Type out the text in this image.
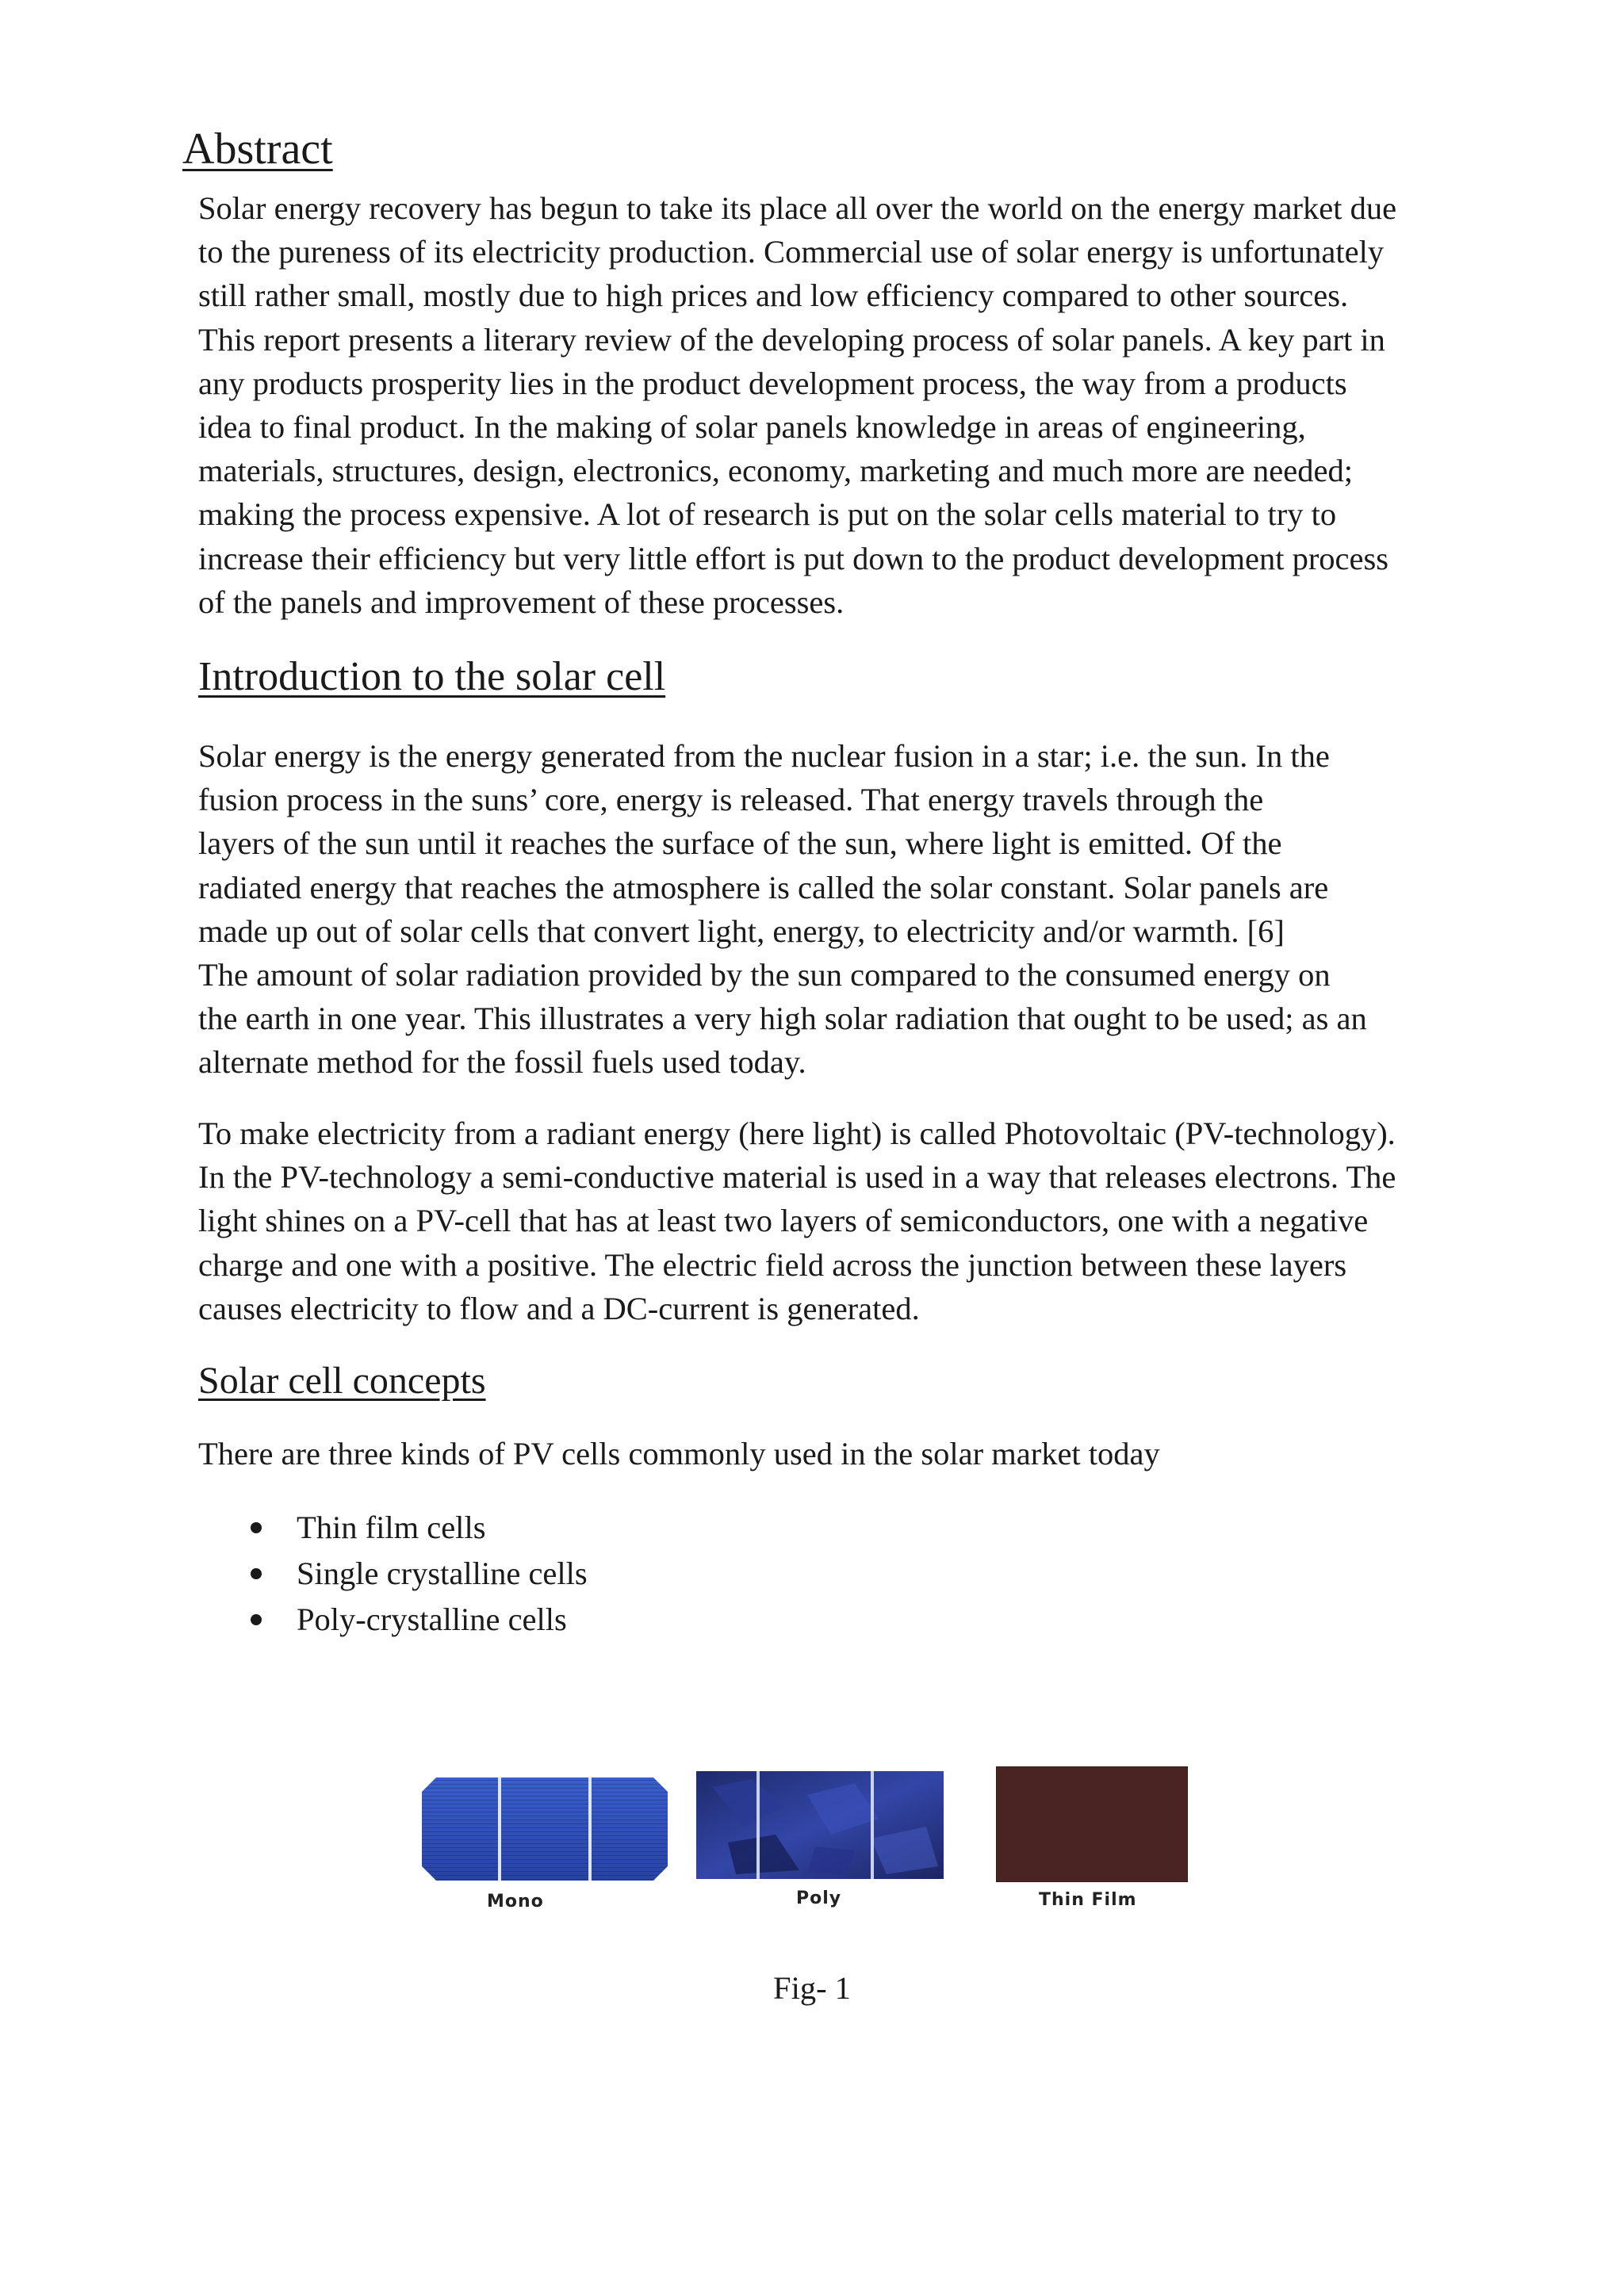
Abstract
Solar energy recovery has begun to take its place all over the world on the energy market due
to the pureness of its electricity production. Commercial use of solar energy is unfortunately
still rather small, mostly due to high prices and low efficiency compared to other sources.
This report presents a literary review of the developing process of solar panels. A key part in
any products prosperity lies in the product development process, the way from a products
idea to final product. In the making of solar panels knowledge in areas of engineering,
materials, structures, design, electronics, economy, marketing and much more are needed;
making the process expensive. A lot of research is put on the solar cells material to try to
increase their efficiency but very little effort is put down to the product development process
of the panels and improvement of these processes.
Introduction to the solar cell
Solar energy is the energy generated from the nuclear fusion in a star; i.e. the sun. In the
fusion process in the suns’ core, energy is released. That energy travels through the
layers of the sun until it reaches the surface of the sun, where light is emitted. Of the
radiated energy that reaches the atmosphere is called the solar constant. Solar panels are
made up out of solar cells that convert light, energy, to electricity and/or warmth. [6]
The amount of solar radiation provided by the sun compared to the consumed energy on
the earth in one year. This illustrates a very high solar radiation that ought to be used; as an
alternate method for the fossil fuels used today.
To make electricity from a radiant energy (here light) is called Photovoltaic (PV-technology).
In the PV-technology a semi-conductive material is used in a way that releases electrons. The
light shines on a PV-cell that has at least two layers of semiconductors, one with a negative
charge and one with a positive. The electric field across the junction between these layers
causes electricity to flow and a DC-current is generated.
Solar cell concepts
There are three kinds of PV cells commonly used in the solar market today
Thin film cells
Single crystalline cells
Poly-crystalline cells
Mono	Poly	Thin Film
Fig- 1
